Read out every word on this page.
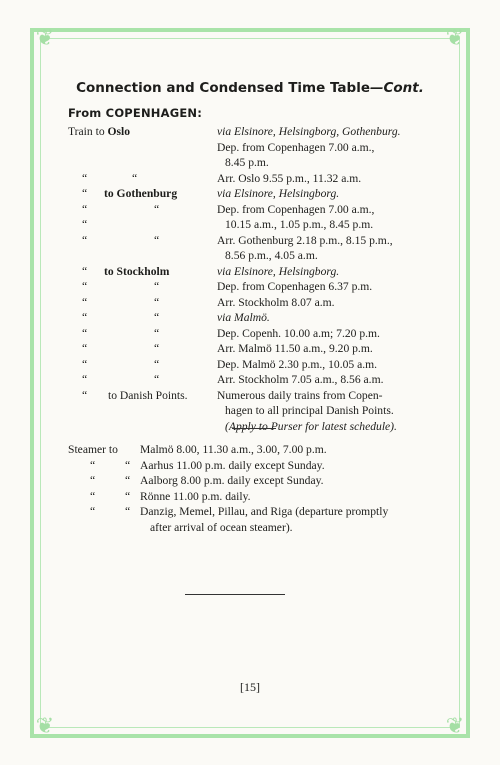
❦	❦
❦	❦
Connection and Condensed Time Table—Cont.
From COPENHAGEN:
Train to Oslo	via Elsinore, Helsingborg, Gothenburg.
Dep. from Copenhagen 7.00 a.m.,
8.45 p.m.
“	“	Arr. Oslo 9.55 p.m., 11.32 a.m.
“ to Gothenburg	via Elsinore, Helsingborg.
“	“	Dep. from Copenhagen 7.00 a.m.,
“	10.15 a.m., 1.05 p.m., 8.45 p.m.
“	“	Arr. Gothenburg 2.18 p.m., 8.15 p.m.,
8.56 p.m., 4.05 a.m.
“ to Stockholm	via Elsinore, Helsingborg.
“	“	Dep. from Copenhagen 6.37 p.m.
“	“	Arr. Stockholm 8.07 a.m.
“	“	via Malmö.
“	“	Dep. Copenh. 10.00 a.m; 7.20 p.m.
“	“	Arr. Malmö 11.50 a.m., 9.20 p.m.
“	“	Dep. Malmö 2.30 p.m., 10.05 a.m.
“	“	Arr. Stockholm 7.05 a.m., 8.56 a.m.
“ to Danish Points.	Numerous daily trains from Copen-
hagen to all principal Danish Points.
(Apply to Purser for latest schedule).
Steamer to Malmö 8.00, 11.30 a.m., 3.00, 7.00 p.m.
“	“ Aarhus 11.00 p.m. daily except Sunday.
“	“ Aalborg 8.00 p.m. daily except Sunday.
“	“ Rönne 11.00 p.m. daily.
“	“ Danzig, Memel, Pillau, and Riga (departure promptly
after arrival of ocean steamer).
[15]
